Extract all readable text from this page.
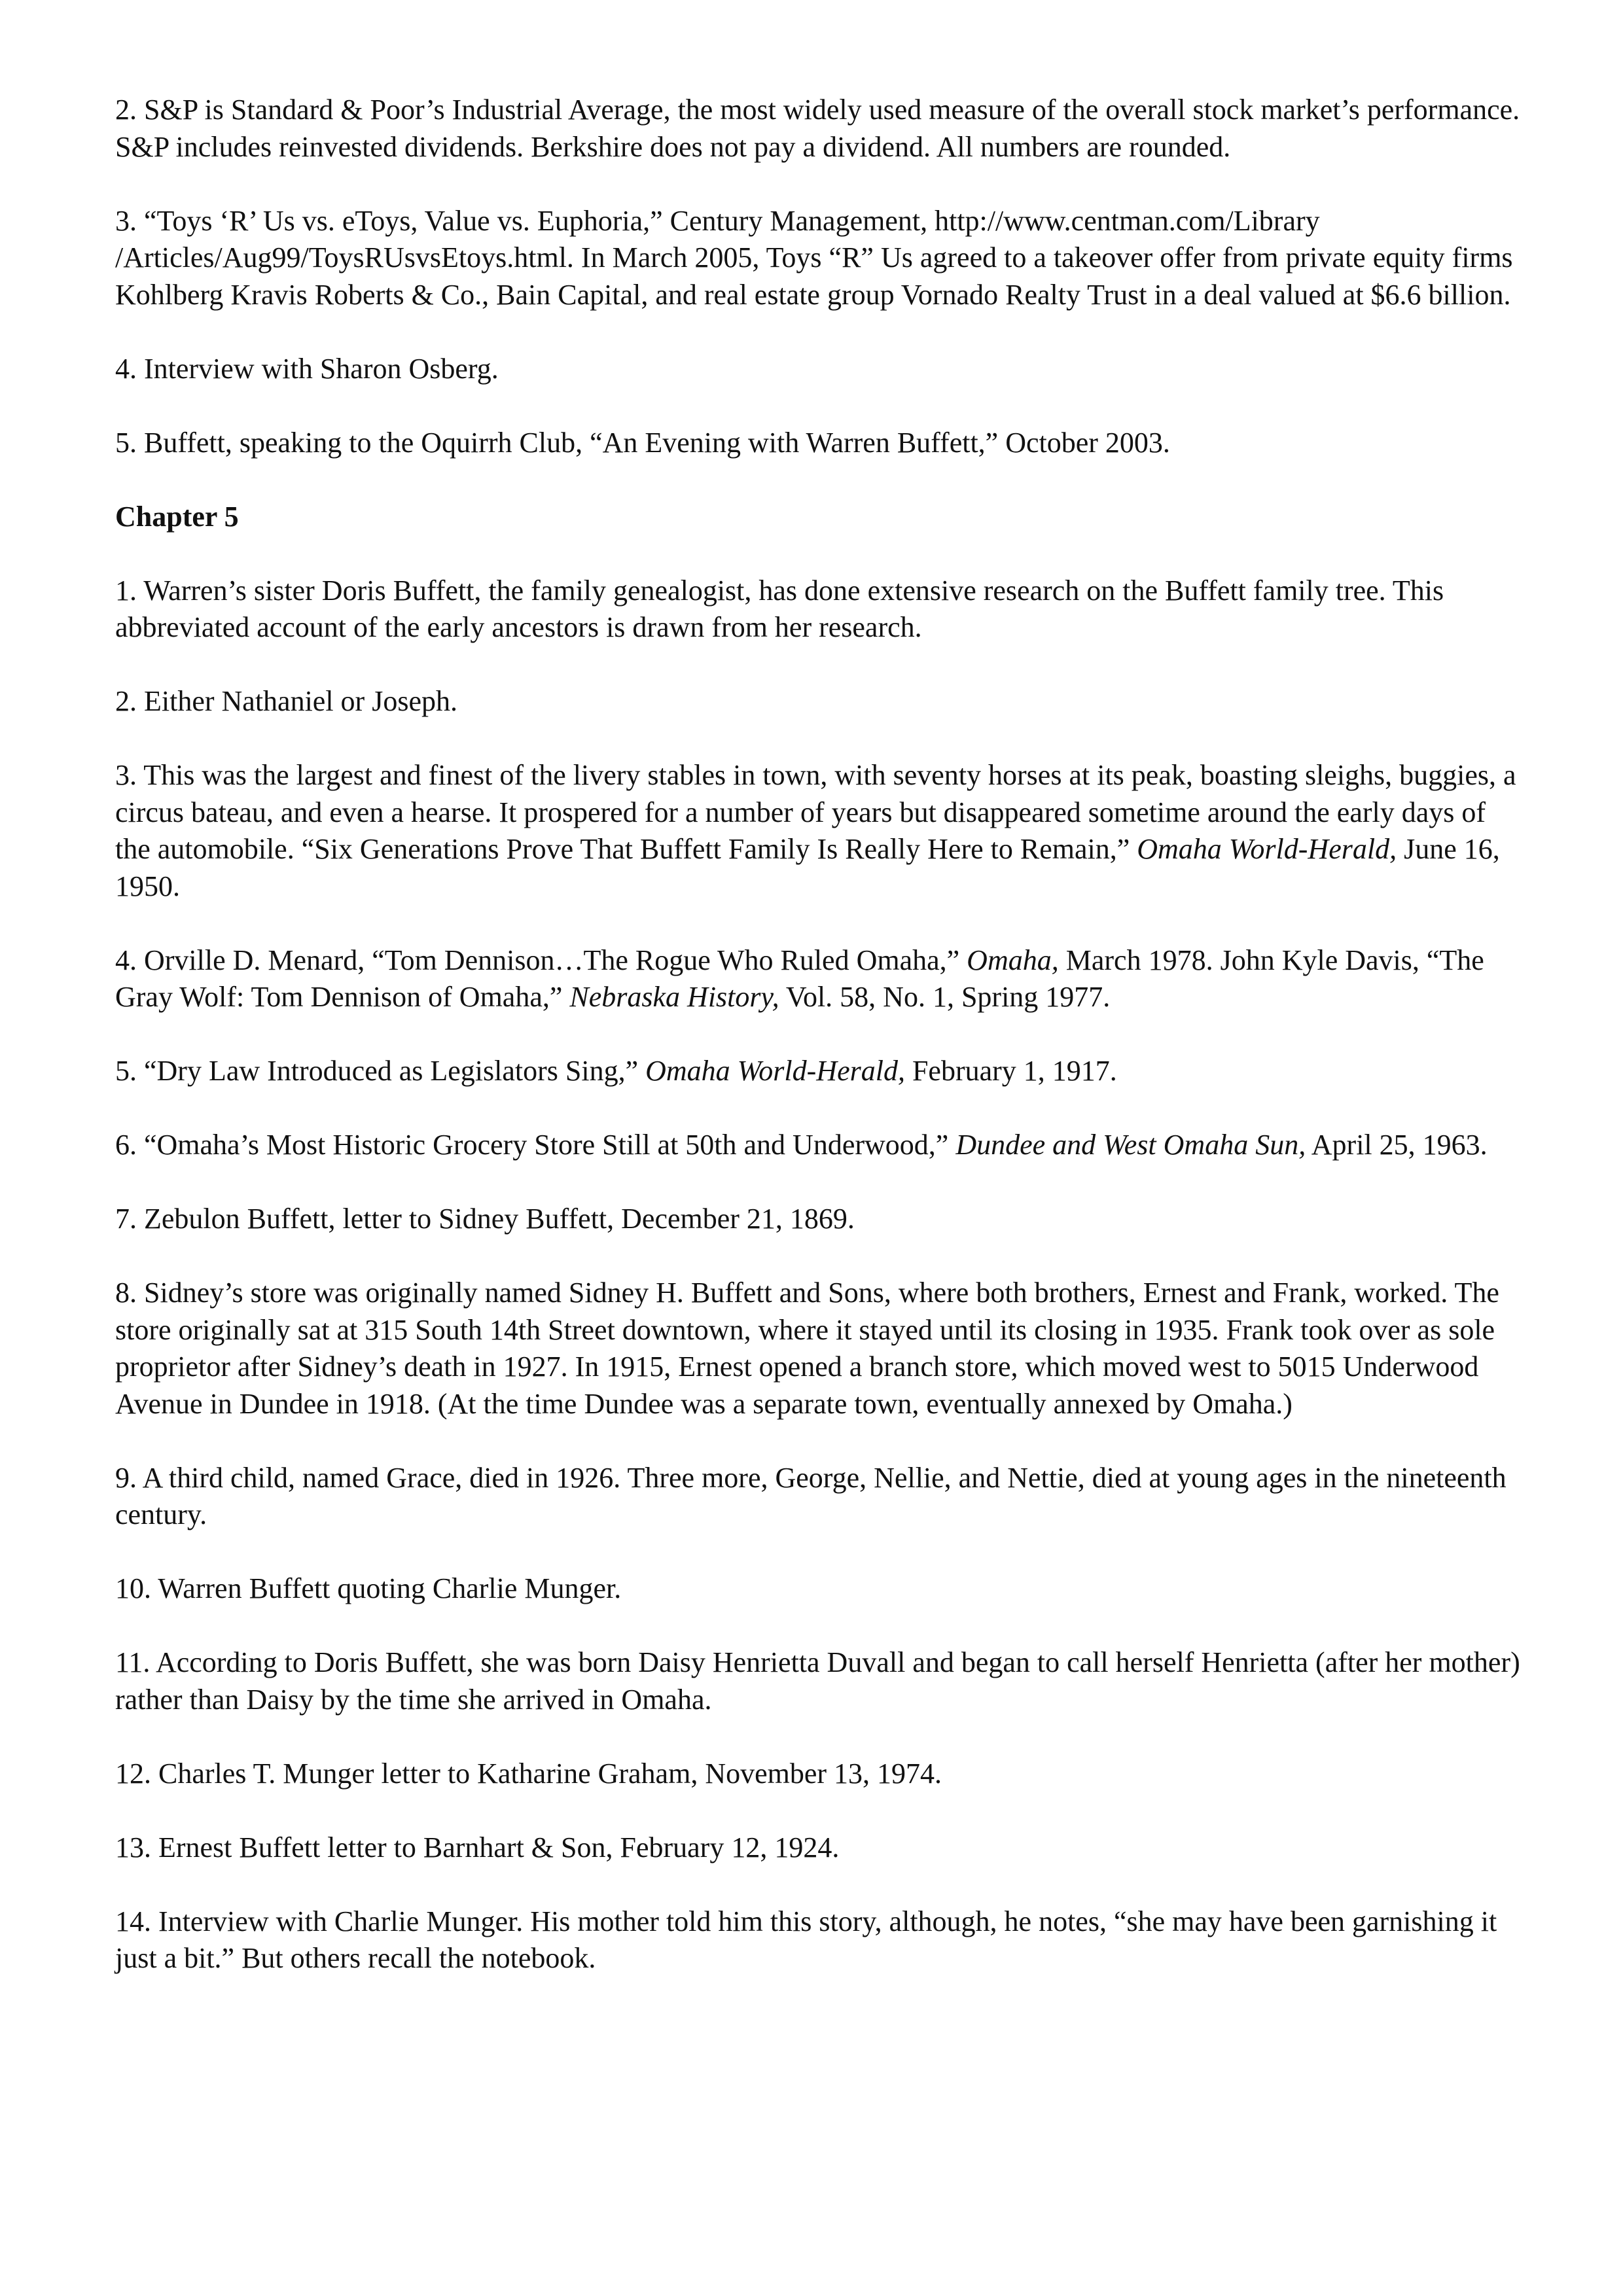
2. S&P is Standard & Poor’s Industrial Average, the most widely used measure of the overall stock market’s performance. S&P includes reinvested dividends. Berkshire does not pay a dividend. All numbers are rounded.

3. “Toys ‘R’ Us vs. eToys, Value vs. Euphoria,” Century Management, http://www.centman.com/Library /Articles/Aug99/ToysRUsvsEtoys.html. In March 2005, Toys “R” Us agreed to a takeover offer from private equity firms Kohlberg Kravis Roberts & Co., Bain Capital, and real estate group Vornado Realty Trust in a deal valued at $6.6 billion.

4. Interview with Sharon Osberg.

5. Buffett, speaking to the Oquirrh Club, “An Evening with Warren Buffett,” October 2003.

Chapter 5

1. Warren’s sister Doris Buffett, the family genealogist, has done extensive research on the Buffett family tree. This abbreviated account of the early ancestors is drawn from her research.

2. Either Nathaniel or Joseph.

3. This was the largest and finest of the livery stables in town, with seventy horses at its peak, boasting sleighs, buggies, a circus bateau, and even a hearse. It prospered for a number of years but disappeared sometime around the early days of the automobile. “Six Generations Prove That Buffett Family Is Really Here to Remain,” Omaha World-Herald, June 16, 1950.

4. Orville D. Menard, “Tom Dennison…The Rogue Who Ruled Omaha,” Omaha, March 1978. John Kyle Davis, “The Gray Wolf: Tom Dennison of Omaha,” Nebraska History, Vol. 58, No. 1, Spring 1977.

5. “Dry Law Introduced as Legislators Sing,” Omaha World-Herald, February 1, 1917.

6. “Omaha’s Most Historic Grocery Store Still at 50th and Underwood,” Dundee and West Omaha Sun, April 25, 1963.

7. Zebulon Buffett, letter to Sidney Buffett, December 21, 1869.

8. Sidney’s store was originally named Sidney H. Buffett and Sons, where both brothers, Ernest and Frank, worked. The store originally sat at 315 South 14th Street downtown, where it stayed until its closing in 1935. Frank took over as sole proprietor after Sidney’s death in 1927. In 1915, Ernest opened a branch store, which moved west to 5015 Underwood Avenue in Dundee in 1918. (At the time Dundee was a separate town, eventually annexed by Omaha.)

9. A third child, named Grace, died in 1926. Three more, George, Nellie, and Nettie, died at young ages in the nineteenth century.

10. Warren Buffett quoting Charlie Munger.

11. According to Doris Buffett, she was born Daisy Henrietta Duvall and began to call herself Henrietta (after her mother) rather than Daisy by the time she arrived in Omaha.

12. Charles T. Munger letter to Katharine Graham, November 13, 1974.

13. Ernest Buffett letter to Barnhart & Son, February 12, 1924.

14. Interview with Charlie Munger. His mother told him this story, although, he notes, “she may have been garnishing it just a bit.” But others recall the notebook.
